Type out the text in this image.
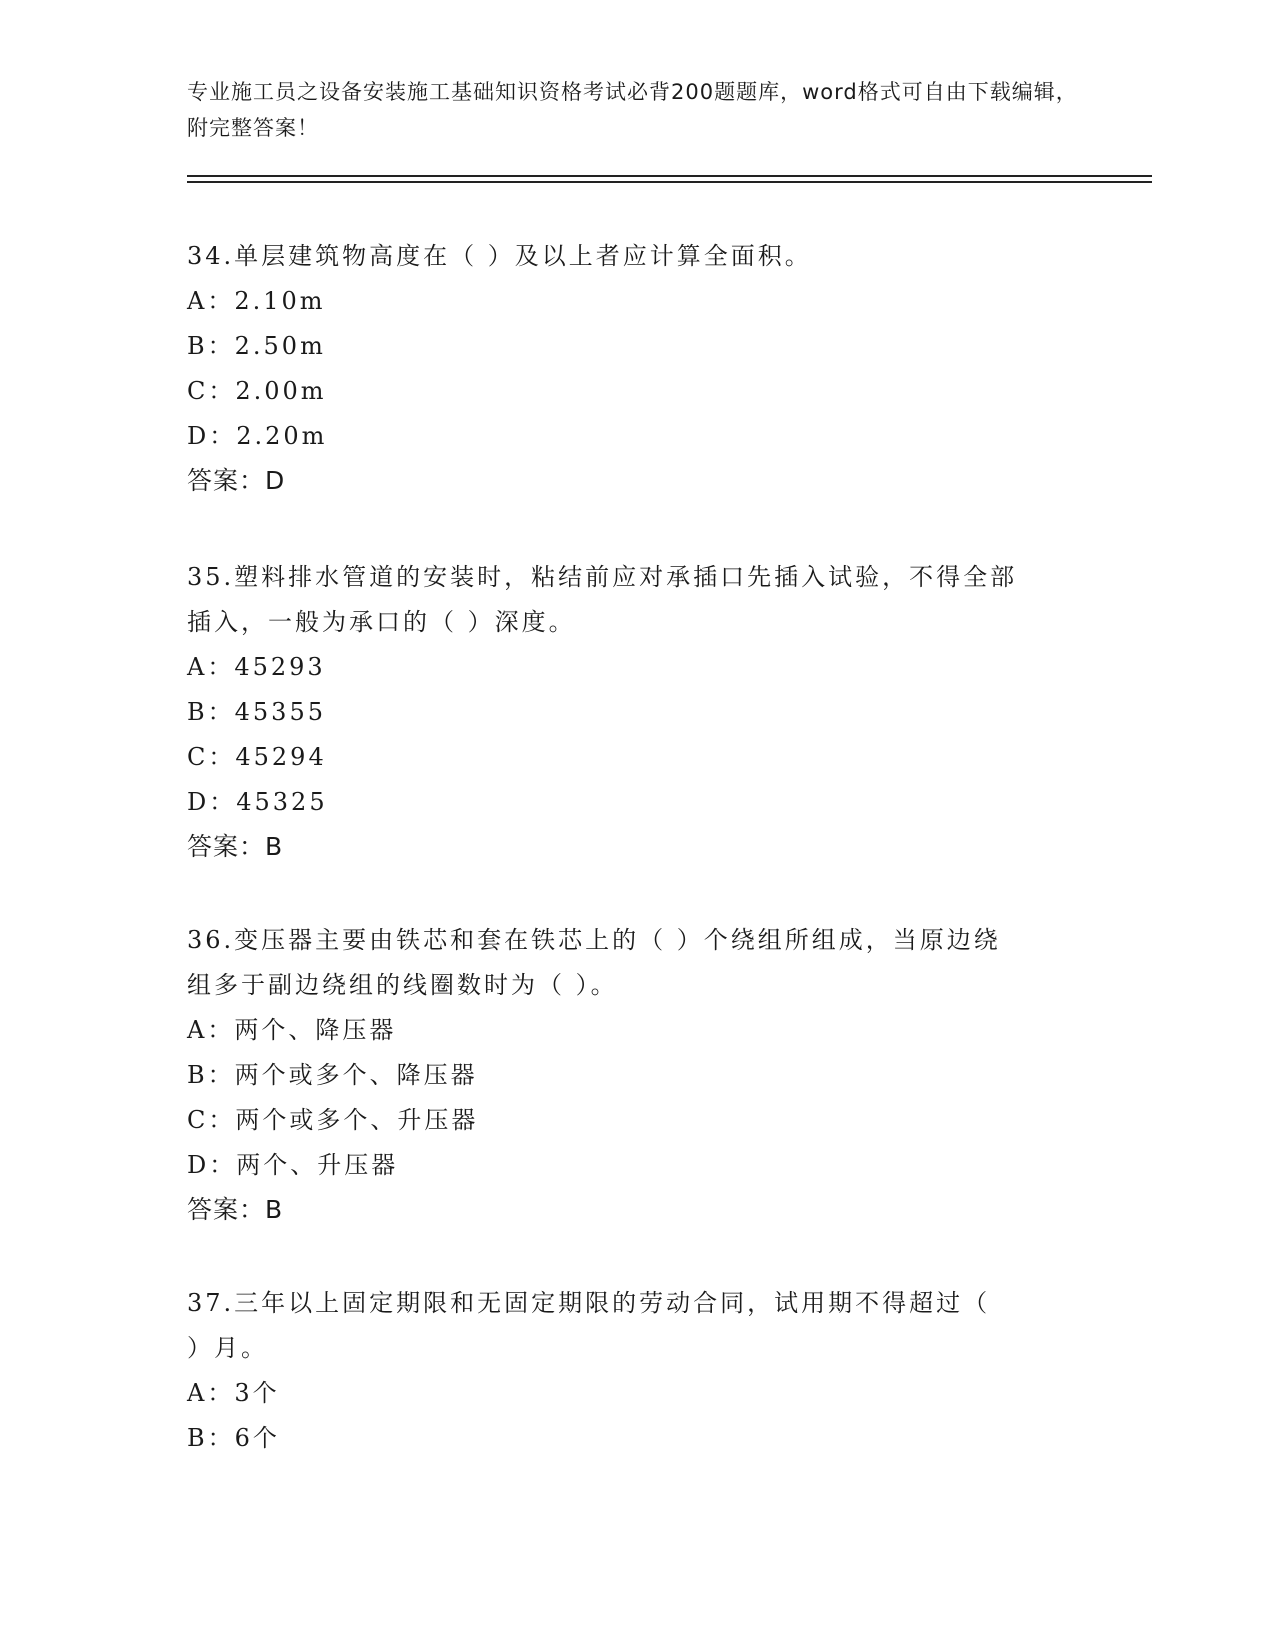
专业施工员之设备安装施工基础知识资格考试必背200题题库，word格式可自由下载编辑，附完整答案！

34.单层建筑物高度在（ ）及以上者应计算全面积。

A：2.10m

B：2.50m

C：2.00m

D：2.20m

答案：D

35.塑料排水管道的安装时，粘结前应对承插口先插入试验，不得全部

插入，一般为承口的（ ）深度。

A：45293

B：45355

C：45294

D：45325

答案：B

36.变压器主要由铁芯和套在铁芯上的（ ）个绕组所组成，当原边绕

组多于副边绕组的线圈数时为（ ）。

A：两个、降压器

B：两个或多个、降压器

C：两个或多个、升压器

D：两个、升压器

答案：B

37.三年以上固定期限和无固定期限的劳动合同，试用期不得超过（

）月。

A：3个

B：6个
